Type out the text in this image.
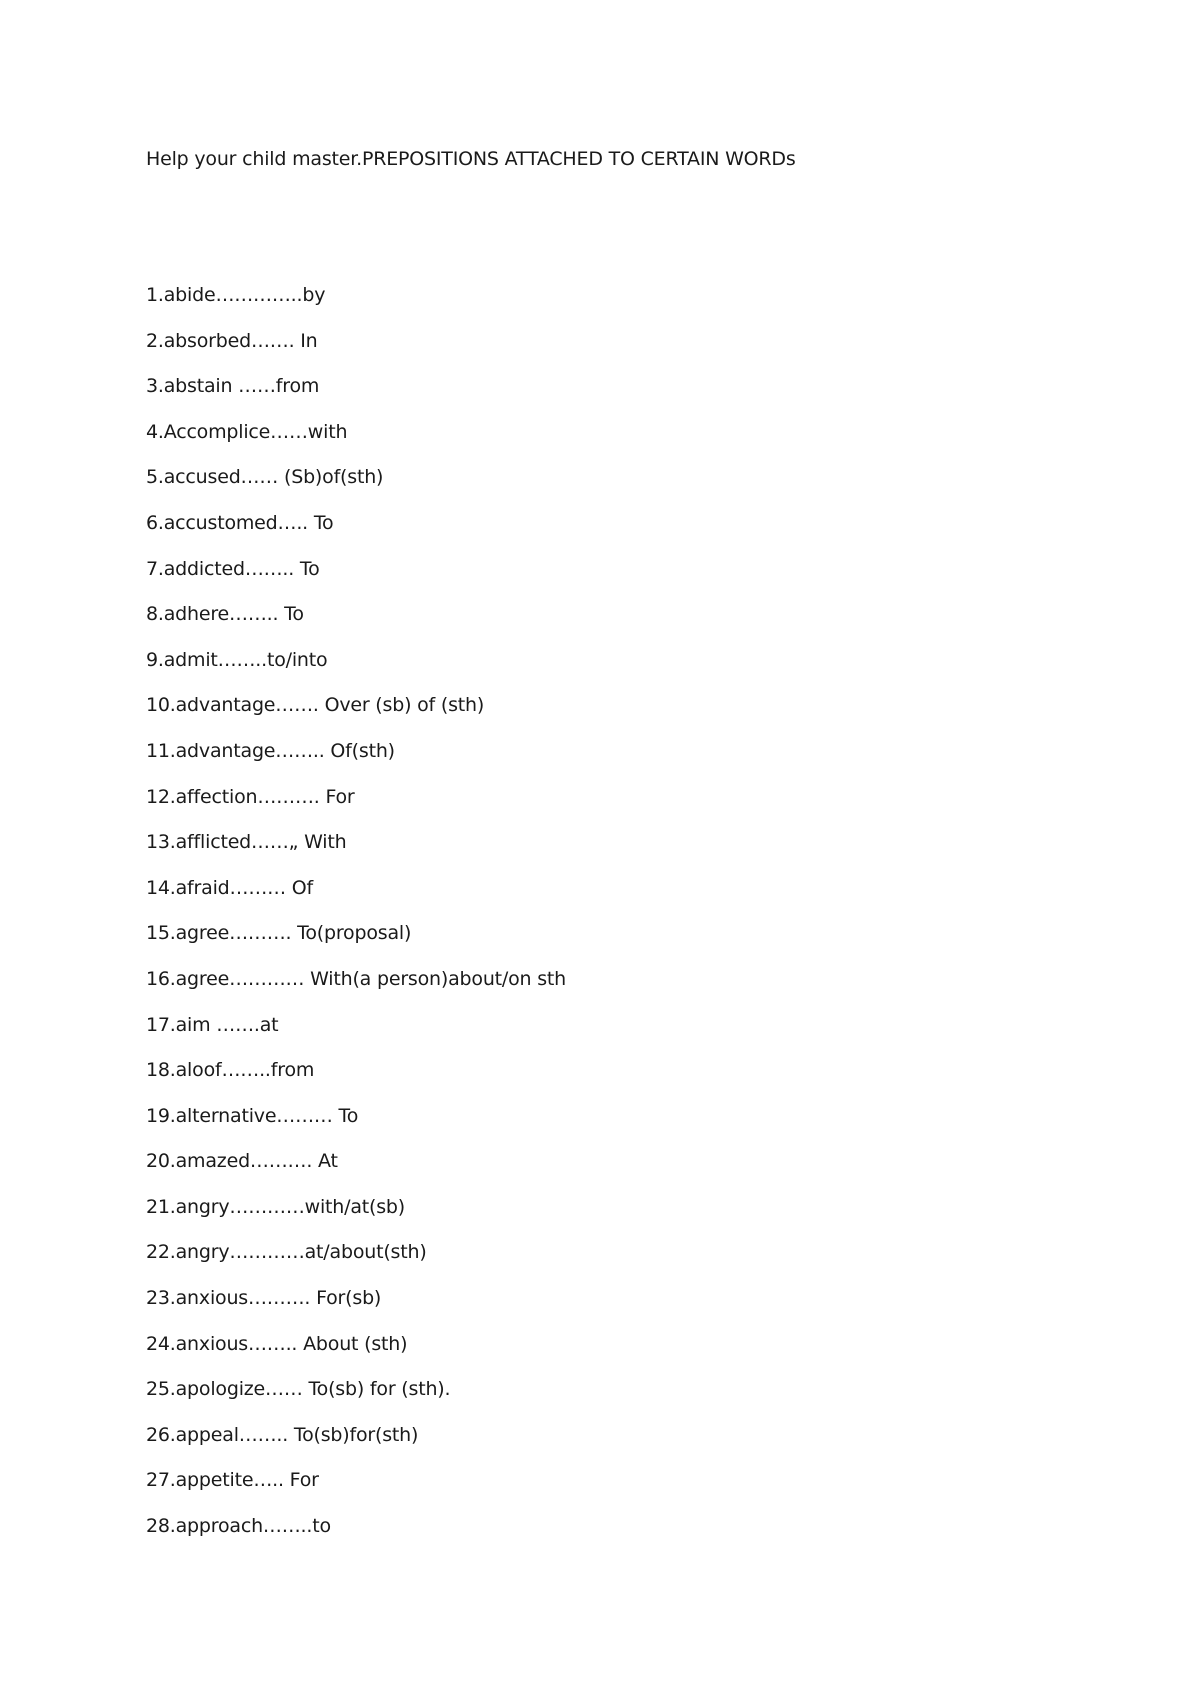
Help your child master.PREPOSITIONS ATTACHED TO CERTAIN WORDs
1.abide…………..by
2.absorbed……. In
3.abstain ……from
4.Accomplice……with
5.accused…… (Sb)of(sth)
6.accustomed….. To
7.addicted…….. To
8.adhere…….. To
9.admit……..to/into
10.advantage……. Over (sb) of (sth)
11.advantage…….. Of(sth)
12.affection………. For
13.afflicted……„ With
14.afraid……… Of
15.agree………. To(proposal)
16.agree………… With(a person)about/on sth
17.aim …….at
18.aloof……..from
19.alternative……… To
20.amazed………. At
21.angry…………with/at(sb)
22.angry…………at/about(sth)
23.anxious………. For(sb)
24.anxious…….. About (sth)
25.apologize…… To(sb) for (sth).
26.appeal…….. To(sb)for(sth)
27.appetite….. For
28.approach……..to
